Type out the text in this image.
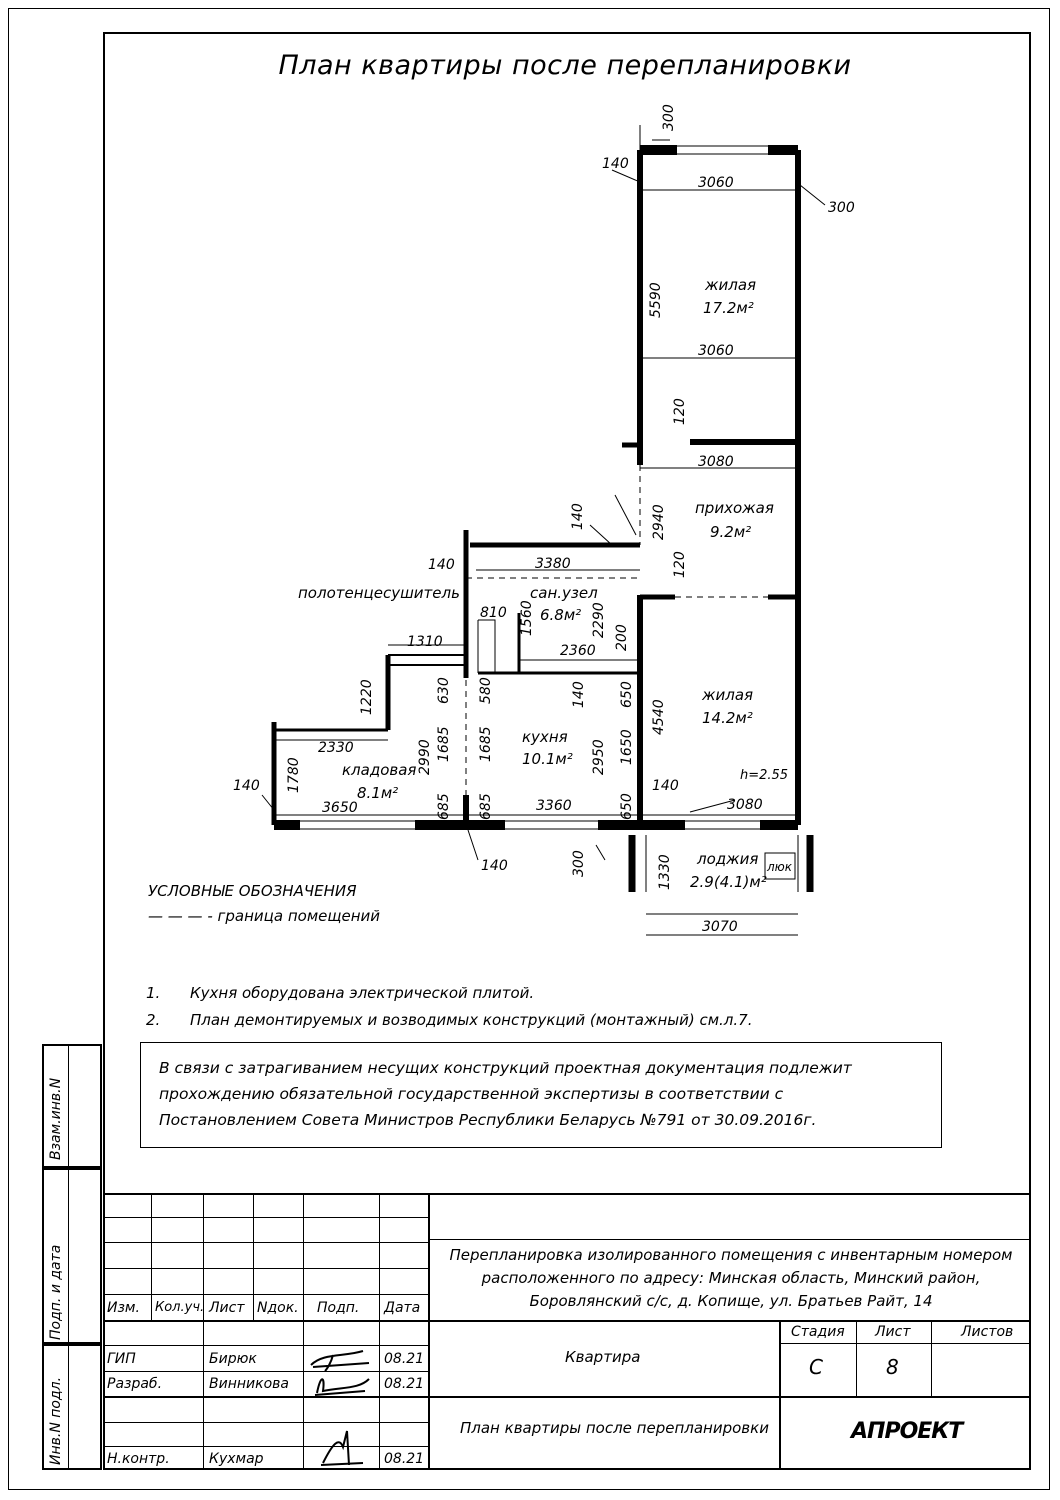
План квартиры после перепланировки
3060
300
140
300
5590
3060
120
3080
140	2940
140	3380	120
810 1560	2290
1310
2360 200
630 580	140 650
1220
2330	1685 1685
2990	2950 1650
4540
140 1780
3650	685 685	3360	650
140
3080
140	300	1330
3070
жилая
17.2м²
прихожая
9.2м²
сан.узел
6.8м²
жилая
14.2м²
кухня
10.1м²
кладовая
8.1м²
лоджия
2.9(4.1)м²
полотенцесушитель
h=2.55
люк
УСЛОВНЫЕ ОБОЗНАЧЕНИЯ
— — — - граница помещений
1. Кухня оборудована электрической плитой.
2. План демонтируемых и возводимых конструкций (монтажный) см.л.7.
В связи с затрагиванием несущих конструкций проектная документация подлежит прохождению обязательной государственной экспертизы в соответствии с Постановлением Совета Министров Республики Беларусь №791 от 30.09.2016г.
Взам.инв.N
Подп. и дата
Инв.N подл.
Изм. Кол.уч. Лист Nдок. Подп. Дата
ГИП	Бирюк	08.21
Разраб.	Винникова	08.21
Н.контр.	Кухмар	08.21
Перепланировка изолированного помещения с инвентарным номером расположенного по адресу: Минская область, Минский район, Боровлянский с/с, д. Копище, ул. Братьев Райт, 14
Квартира
План квартиры после перепланировки
Стадия Лист	Листов
С	8
АПРОЕКТ
